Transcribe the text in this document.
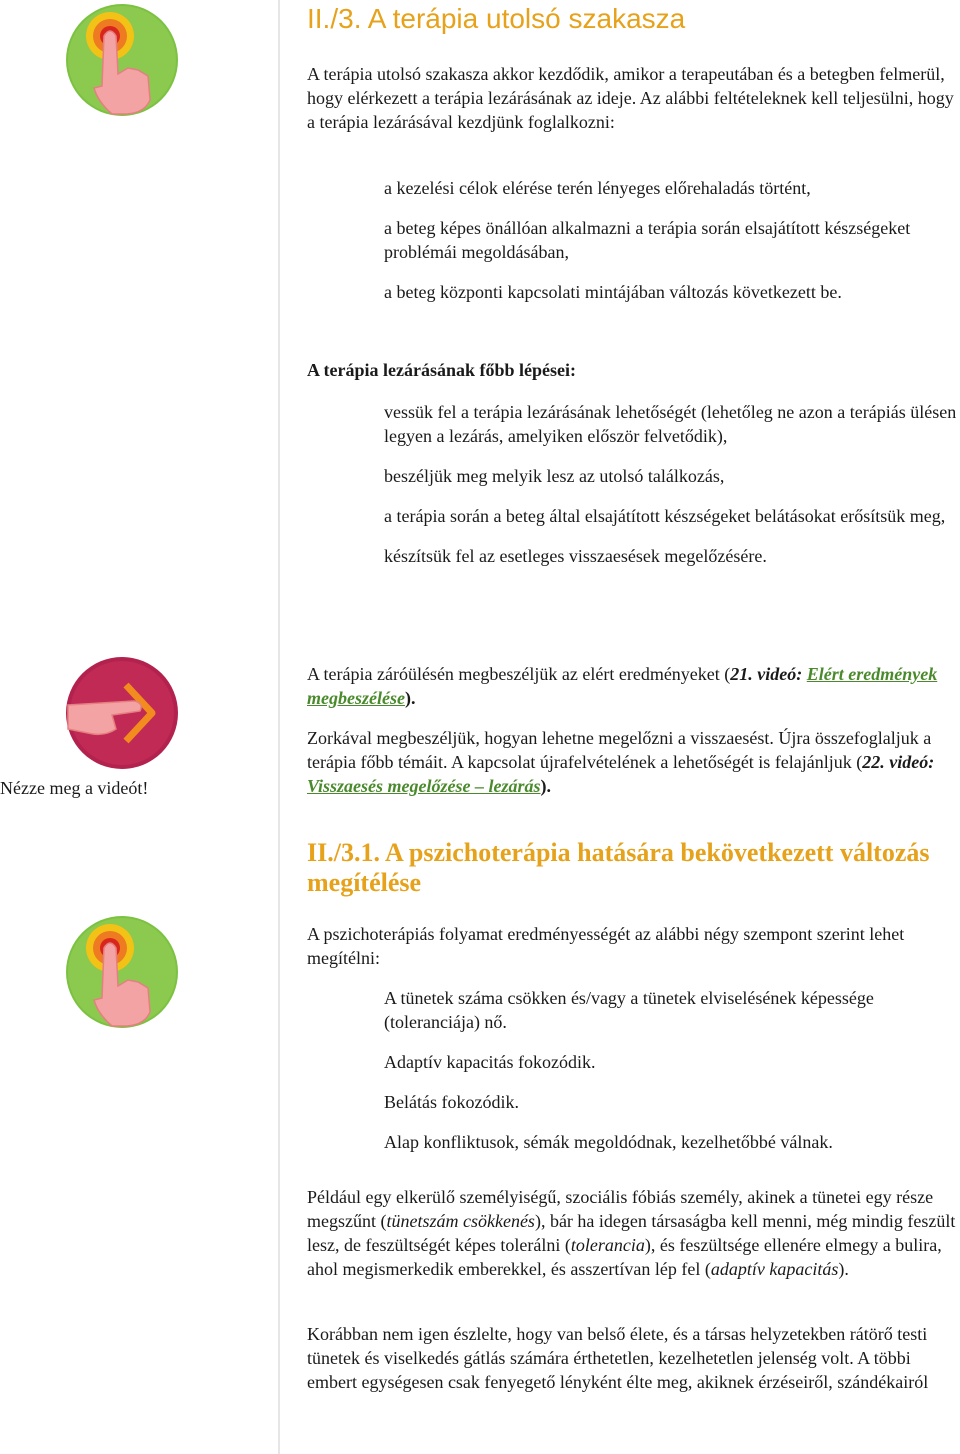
II./3. A terápia utolsó szakasza

A terápia utolsó szakasza akkor kezdődik, amikor a terapeutában és a betegben felmerül, hogy elérkezett a terápia lezárásának az ideje. Az alábbi feltételeknek kell teljesülni, hogy a terápia lezárásával kezdjünk foglalkozni:

a kezelési célok elérése terén lényeges előrehaladás történt,
a beteg képes önállóan alkalmazni a terápia során elsajátított készségeket problémái megoldásában,
a beteg központi kapcsolati mintájában változás következett be.

A terápia lezárásának főbb lépései:

vessük fel a terápia lezárásának lehetőségét (lehetőleg ne azon a terápiás ülésen legyen a lezárás, amelyiken először felvetődik),
beszéljük meg melyik lesz az utolsó találkozás,
a terápia során a beteg által elsajátított készségeket belátásokat erősítsük meg,
készítsük fel az esetleges visszaesések megelőzésére.
Nézze meg a videót!

A terápia záróülésén megbeszéljük az elért eredményeket (21. videó: Elért eredmények megbeszélése).

Zorkával megbeszéljük, hogyan lehetne megelőzni a visszaesést. Újra összefoglaljuk a terápia főbb témáit. A kapcsolat újrafelvételének a lehetőségét is felajánljuk (22. videó: Visszaesés megelőzése – lezárás).

II./3.1. A pszichoterápia hatására bekövetkezett változás megítélése

A pszichoterápiás folyamat eredményességét az alábbi négy szempont szerint lehet megítélni:

A tünetek száma csökken és/vagy a tünetek elviselésének képessége (toleranciája) nő.
Adaptív kapacitás fokozódik.
Belátás fokozódik.
Alap konfliktusok, sémák megoldódnak, kezelhetőbbé válnak.

Például egy elkerülő személyiségű, szociális fóbiás személy, akinek a tünetei egy része megszűnt (tünetszám csökkenés), bár ha idegen társaságba kell menni, még mindig feszült lesz, de feszültségét képes tolerálni (tolerancia), és feszültsége ellenére elmegy a bulira, ahol megismerkedik emberekkel, és asszertívan lép fel (adaptív kapacitás).

Korábban nem igen észlelte, hogy van belső élete, és a társas helyzetekben rátörő testi tünetek és viselkedés gátlás számára érthetetlen, kezelhetetlen jelenség volt. A többi embert egységesen csak fenyegető lényként élte meg, akiknek érzéseiről, szándékairól
